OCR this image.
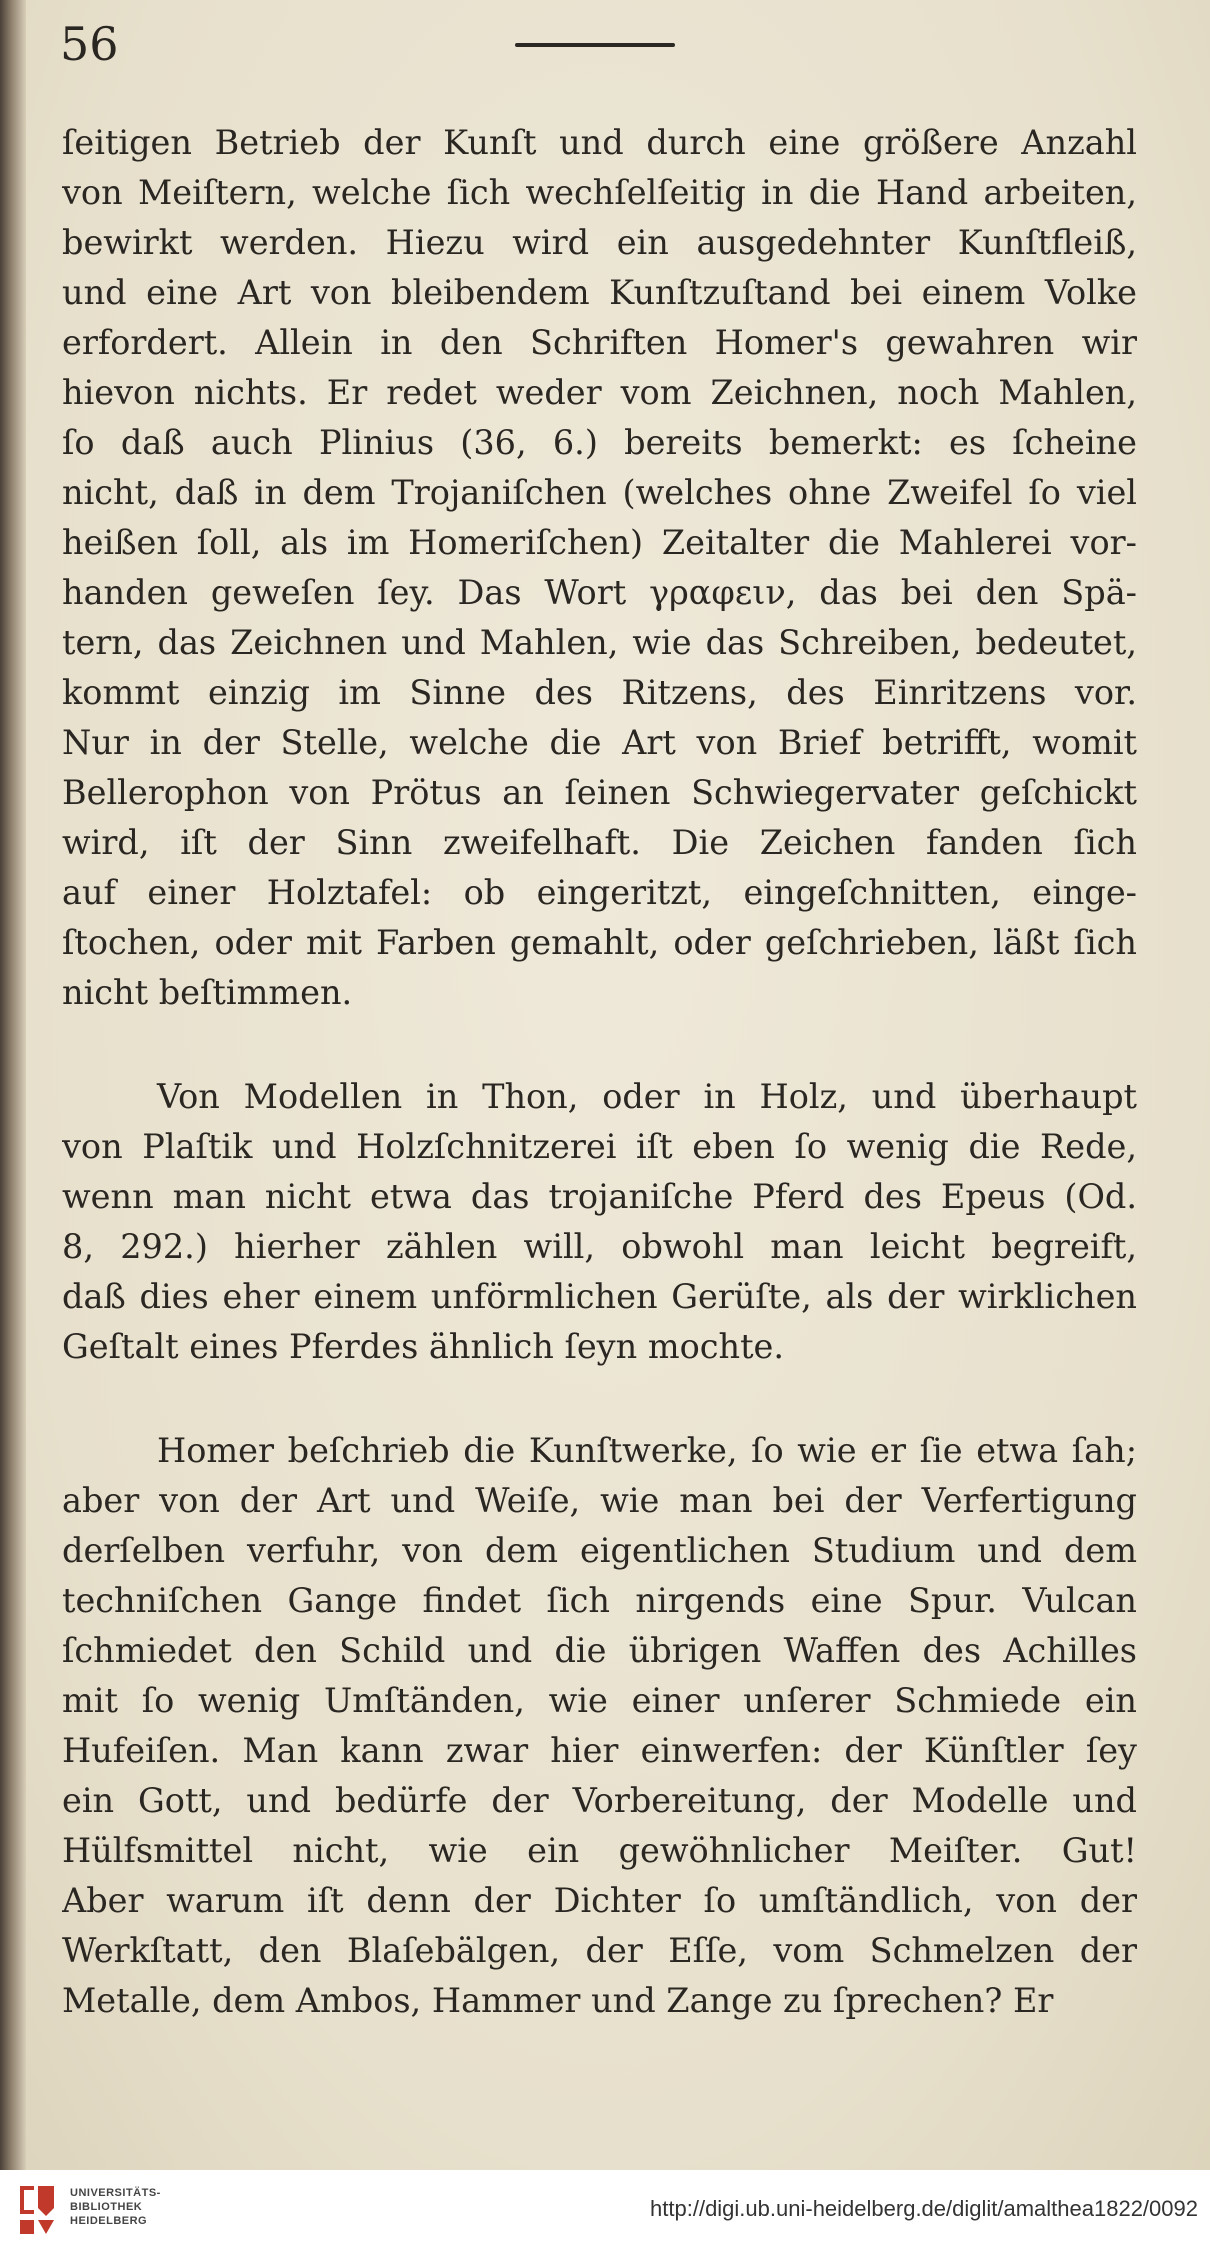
56
ſeitigen Betrieb der Kunſt und durch eine größere Anzahl
von Meiſtern, welche ſich wechſelſeitig in die Hand arbeiten,
bewirkt werden. Hiezu wird ein ausgedehnter Kunſtfleiß,
und eine Art von bleibendem Kunſtzuſtand bei einem Volke
erfordert. Allein in den Schriften Homer's gewahren wir
hievon nichts. Er redet weder vom Zeichnen, noch Mahlen,
ſo daß auch Plinius (36, 6.) bereits bemerkt: es ſcheine
nicht, daß in dem Trojaniſchen (welches ohne Zweifel ſo viel
heißen ſoll, als im Homeriſchen) Zeitalter die Mahlerei vor-
handen geweſen ſey. Das Wort γραφειν, das bei den Spä-
tern, das Zeichnen und Mahlen, wie das Schreiben, bedeutet,
kommt einzig im Sinne des Ritzens, des Einritzens vor.
Nur in der Stelle, welche die Art von Brief betrifft, womit
Bellerophon von Prötus an ſeinen Schwiegervater geſchickt
wird, iſt der Sinn zweifelhaft. Die Zeichen fanden ſich
auf einer Holztafel: ob eingeritzt, eingeſchnitten, einge-
ſtochen, oder mit Farben gemahlt, oder geſchrieben, läßt ſich
nicht beſtimmen.
Von Modellen in Thon, oder in Holz, und überhaupt
von Plaſtik und Holzſchnitzerei iſt eben ſo wenig die Rede,
wenn man nicht etwa das trojaniſche Pferd des Epeus (Od.
8, 292.) hierher zählen will, obwohl man leicht begreift,
daß dies eher einem unförmlichen Gerüſte, als der wirklichen
Geſtalt eines Pferdes ähnlich ſeyn mochte.
Homer beſchrieb die Kunſtwerke, ſo wie er ſie etwa ſah;
aber von der Art und Weiſe, wie man bei der Verfertigung
derſelben verfuhr, von dem eigentlichen Studium und dem
techniſchen Gange findet ſich nirgends eine Spur. Vulcan
ſchmiedet den Schild und die übrigen Waffen des Achilles
mit ſo wenig Umſtänden, wie einer unſerer Schmiede ein
Hufeiſen. Man kann zwar hier einwerfen: der Künſtler ſey
ein Gott, und bedürfe der Vorbereitung, der Modelle und
Hülfsmittel nicht, wie ein gewöhnlicher Meiſter. Gut!
Aber warum iſt denn der Dichter ſo umſtändlich, von der
Werkſtatt, den Blaſebälgen, der Eſſe, vom Schmelzen der
Metalle, dem Ambos, Hammer und Zange zu ſprechen? Er
UNIVERSITÄTS-
BIBLIOTHEK
HEIDELBERG	http://digi.ub.uni-heidelberg.de/diglit/amalthea1822/0092
